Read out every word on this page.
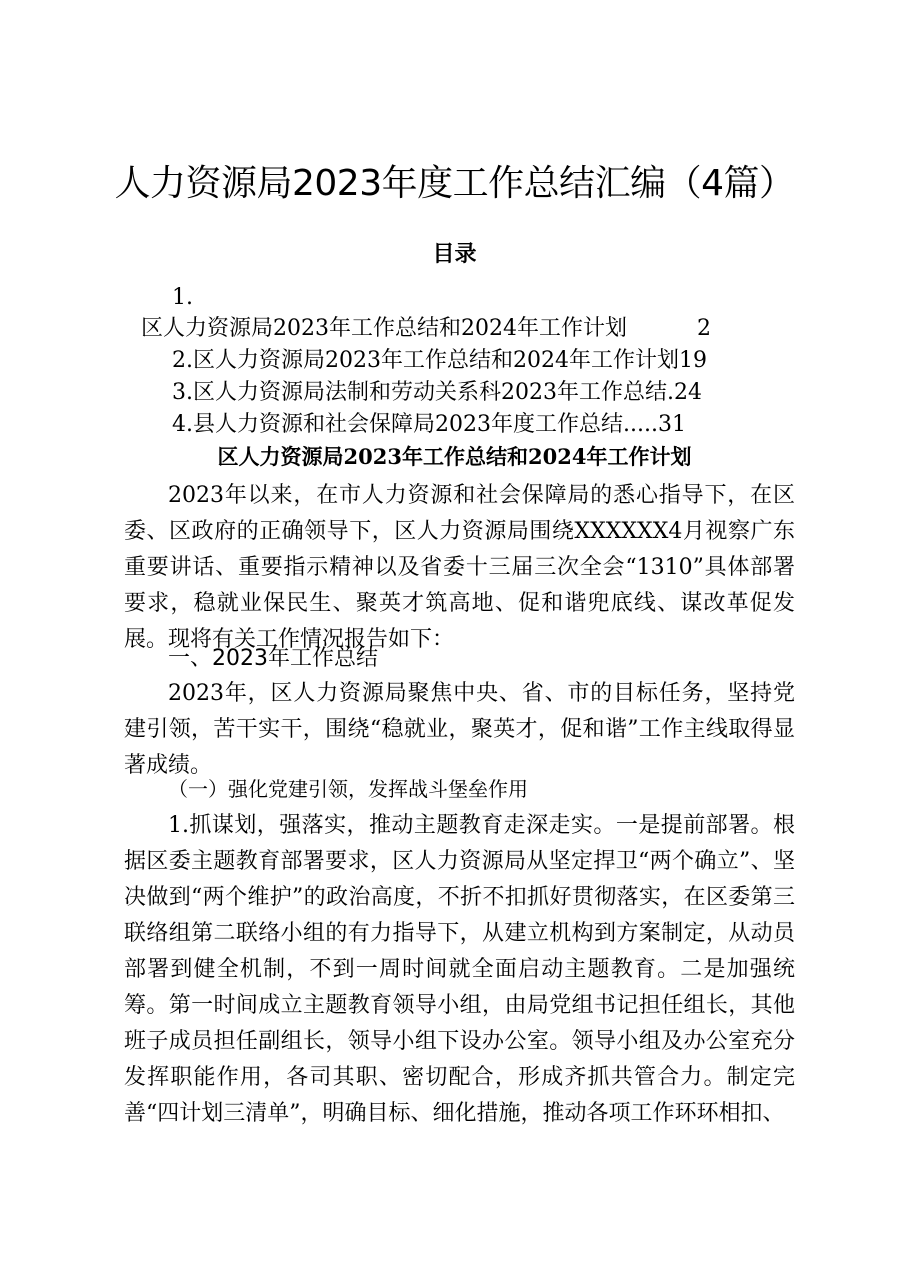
人力资源局2023年度工作总结汇编（4篇）
目录
1.
区人力资源局2023年工作总结和2024年工作计划	2
2.区人力资源局2023年工作总结和2024年工作计划19
3.区人力资源局法制和劳动关系科2023年工作总结.24
4.县人力资源和社会保障局2023年度工作总结.....31
区人力资源局2023年工作总结和2024年工作计划

2023年以来，在市人力资源和社会保障局的悉心指导下，在区委、区政府的正确领导下，区人力资源局围绕XXXXXX4月视察广东重要讲话、重要指示精神以及省委十三届三次全会“1310”具体部署要求，稳就业保民生、聚英才筑高地、促和谐兜底线、谋改革促发展。现将有关工作情况报告如下：

一、2023年工作总结

2023年，区人力资源局聚焦中央、省、市的目标任务，坚持党建引领，苦干实干，围绕“稳就业，聚英才，促和谐”工作主线取得显著成绩。

（一）强化党建引领，发挥战斗堡垒作用

1.抓谋划，强落实，推动主题教育走深走实。一是提前部署。根据区委主题教育部署要求，区人力资源局从坚定捍卫“两个确立”、坚决做到“两个维护”的政治高度，不折不扣抓好贯彻落实，在区委第三联络组第二联络小组的有力指导下，从建立机构到方案制定，从动员部署到健全机制，不到一周时间就全面启动主题教育。二是加强统筹。第一时间成立主题教育领导小组，由局党组书记担任组长，其他班子成员担任副组长，领导小组下设办公室。领导小组及办公室充分发挥职能作用，各司其职、密切配合，形成齐抓共管合力。制定完善“四计划三清单”，明确目标、细化措施，推动各项工作环环相扣、
